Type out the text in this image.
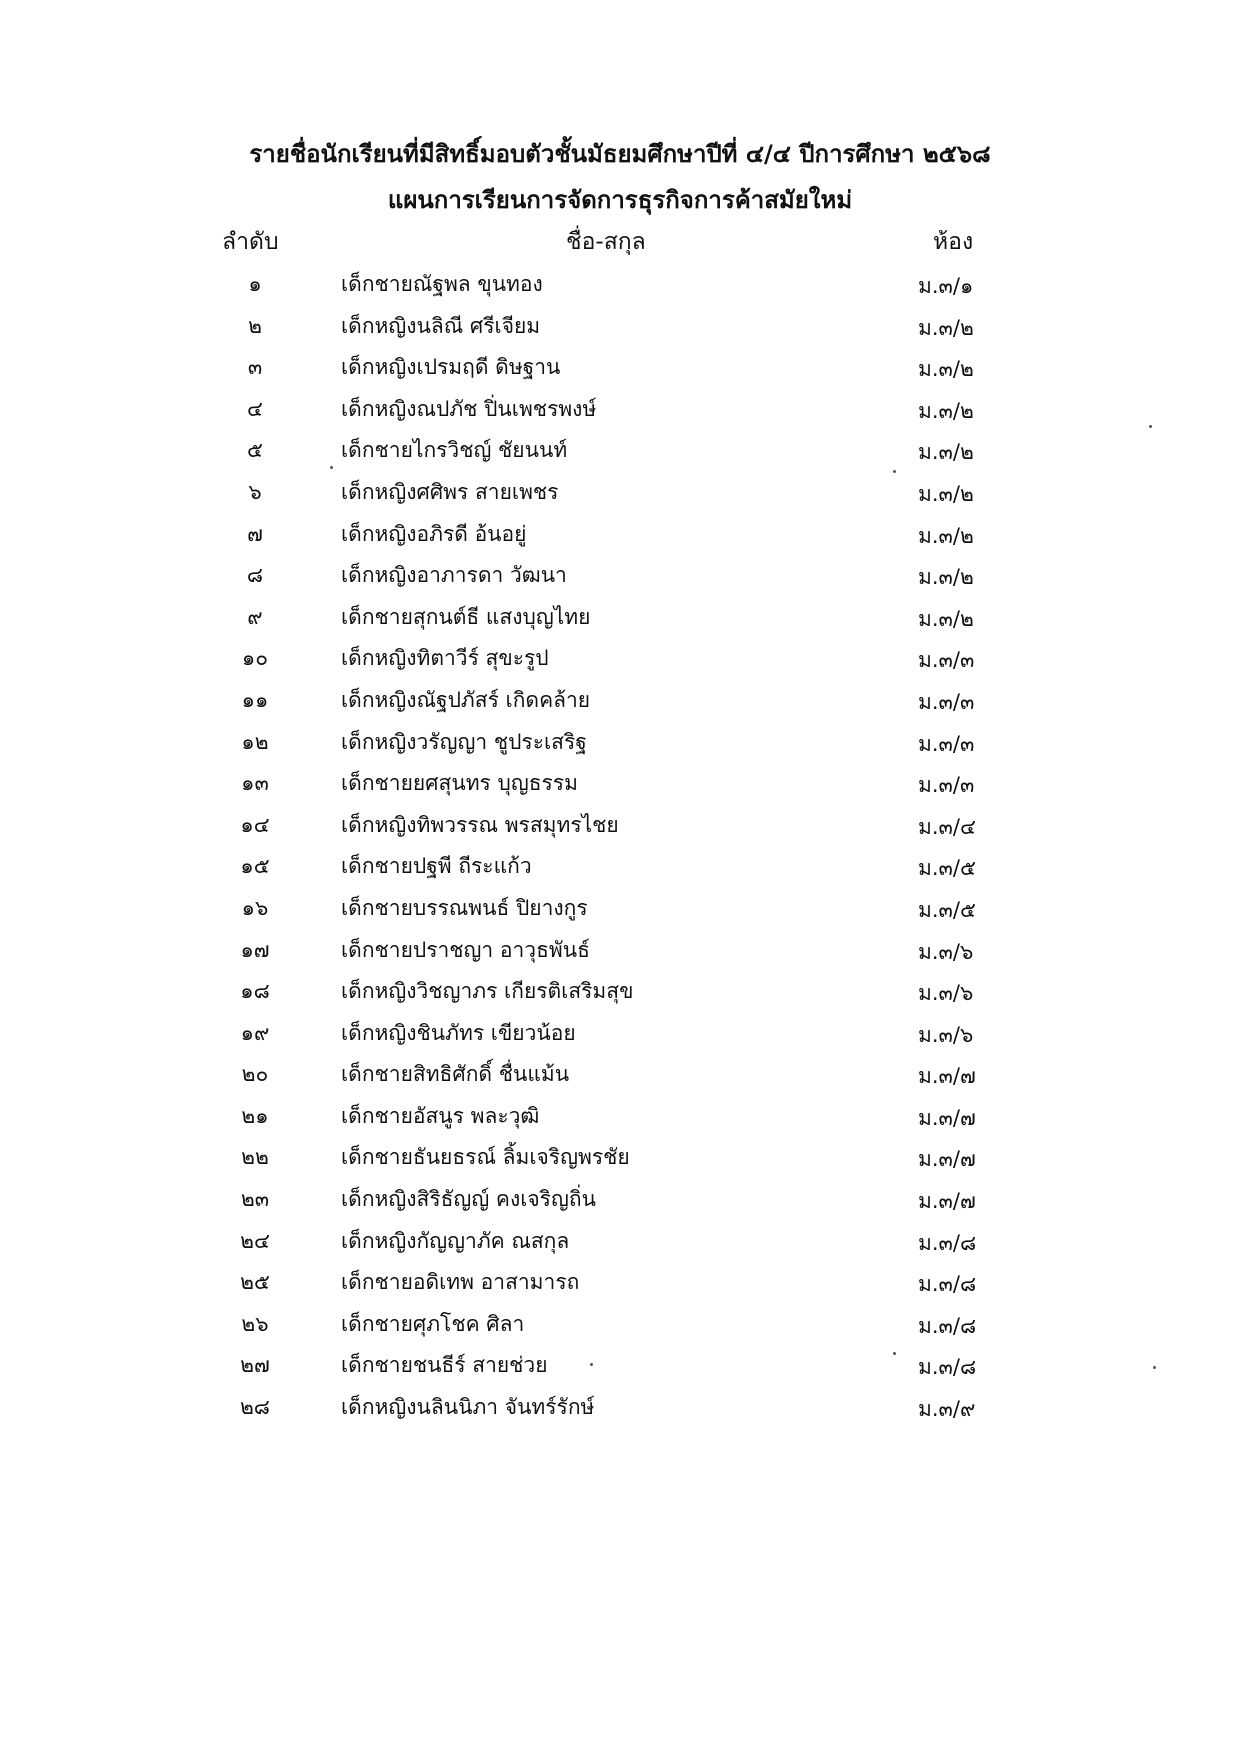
รายชื่อนักเรียนที่มีสิทธิ์มอบตัวชั้นมัธยมศึกษาปีที่ ๔/๔ ปีการศึกษา ๒๕๖๘
แผนการเรียนการจัดการธุรกิจการค้าสมัยใหม่
ลำดับ	ชื่อ-สกุล	ห้อง
๑	เด็กชายณัฐพล ขุนทอง	ม.๓/๑
๒	เด็กหญิงนลิณี ศรีเจียม	ม.๓/๒
๓	เด็กหญิงเปรมฤดี ดิษฐาน	ม.๓/๒
๔	เด็กหญิงณปภัช ปิ่นเพชรพงษ์	ม.๓/๒
๕	เด็กชายไกรวิชญ์ ชัยนนท์	ม.๓/๒
๖	เด็กหญิงศศิพร สายเพชร	ม.๓/๒
๗	เด็กหญิงอภิรดี อ้นอยู่	ม.๓/๒
๘	เด็กหญิงอาภารดา วัฒนา	ม.๓/๒
๙	เด็กชายสุกนต์ธี แสงบุญไทย	ม.๓/๒
๑๐	เด็กหญิงทิตาวีร์ สุขะรูป	ม.๓/๓
๑๑	เด็กหญิงณัฐปภัสร์ เกิดคล้าย	ม.๓/๓
๑๒	เด็กหญิงวรัญญา ชูประเสริฐ	ม.๓/๓
๑๓	เด็กชายยศสุนทร บุญธรรม	ม.๓/๓
๑๔	เด็กหญิงทิพวรรณ พรสมุทรไชย	ม.๓/๔
๑๕	เด็กชายปฐพี ถีระแก้ว	ม.๓/๕
๑๖	เด็กชายบรรณพนธ์ ปิยางกูร	ม.๓/๕
๑๗	เด็กชายปราชญา อาวุธพันธ์	ม.๓/๖
๑๘	เด็กหญิงวิชญาภร เกียรติเสริมสุข	ม.๓/๖
๑๙	เด็กหญิงชินภัทร เขียวน้อย	ม.๓/๖
๒๐	เด็กชายสิทธิศักดิ์ ชื่นแม้น	ม.๓/๗
๒๑	เด็กชายอัสนูร พละวุฒิ	ม.๓/๗
๒๒	เด็กชายธันยธรณ์ ลิ้มเจริญพรชัย	ม.๓/๗
๒๓	เด็กหญิงสิริธัญญ์ คงเจริญถิ่น	ม.๓/๗
๒๔	เด็กหญิงกัญญาภัค ณสกุล	ม.๓/๘
๒๕	เด็กชายอดิเทพ อาสามารถ	ม.๓/๘
๒๖	เด็กชายศุภโชค ศิลา	ม.๓/๘
๒๗	เด็กชายชนธีร์ สายช่วย	ม.๓/๘
๒๘	เด็กหญิงนลินนิภา จันทร์รักษ์	ม.๓/๙
